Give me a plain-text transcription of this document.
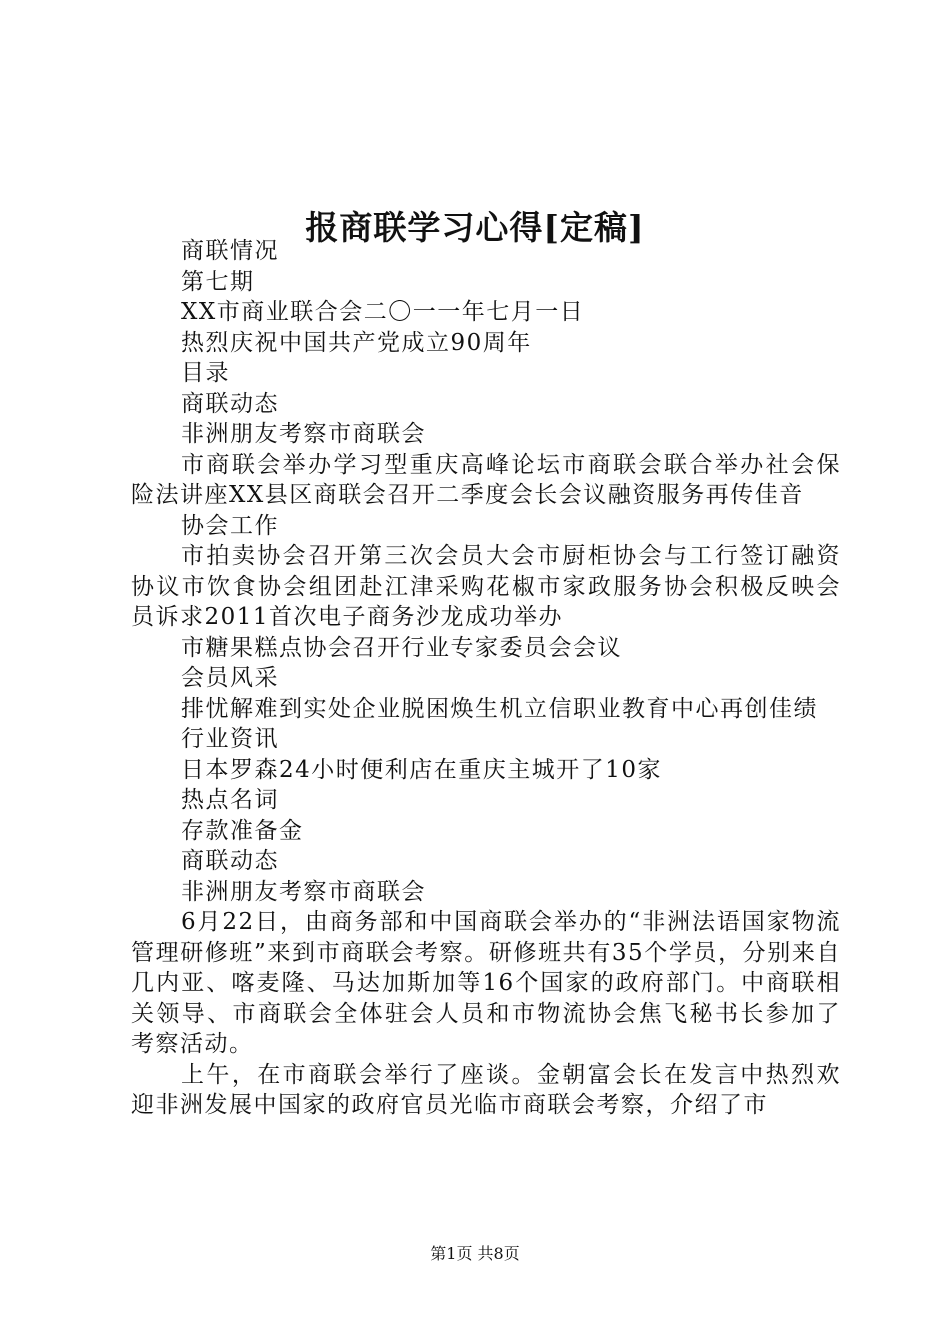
报商联学习心得[定稿]

商联情况

第七期

XX市商业联合会二〇一一年七月一日

热烈庆祝中国共产党成立90周年

目录

商联动态

非洲朋友考察市商联会

市商联会举办学习型重庆高峰论坛市商联会联合举办社会保险法讲座XX县区商联会召开二季度会长会议融资服务再传佳音

协会工作

市拍卖协会召开第三次会员大会市厨柜协会与工行签订融资协议市饮食协会组团赴江津采购花椒市家政服务协会积极反映会员诉求2011首次电子商务沙龙成功举办

市糖果糕点协会召开行业专家委员会会议

会员风采

排忧解难到实处企业脱困焕生机立信职业教育中心再创佳绩

行业资讯

日本罗森24小时便利店在重庆主城开了10家

热点名词

存款准备金

商联动态

非洲朋友考察市商联会

6月22日，由商务部和中国商联会举办的“非洲法语国家物流管理研修班”来到市商联会考察。研修班共有35个学员，分别来自几内亚、喀麦隆、马达加斯加等16个国家的政府部门。中商联相关领导、市商联会全体驻会人员和市物流协会焦飞秘书长参加了考察活动。

上午，在市商联会举行了座谈。金朝富会长在发言中热烈欢迎非洲发展中国家的政府官员光临市商联会考察，介绍了市

第1页 共8页
